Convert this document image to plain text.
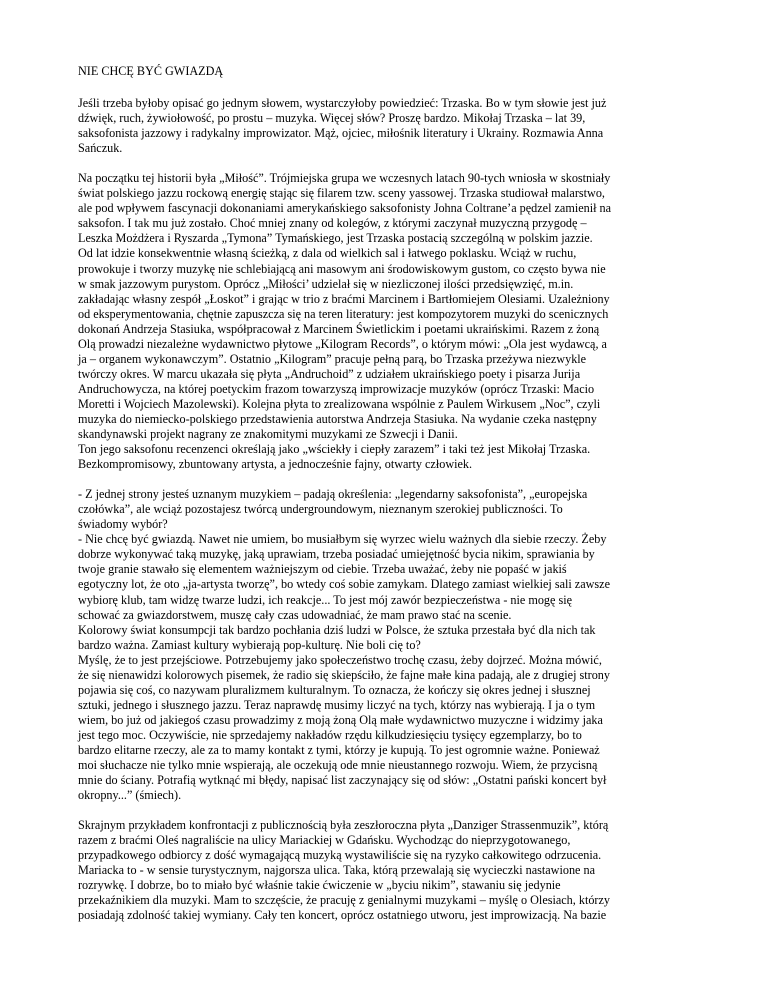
NIE CHCĘ BYĆ GWIAZDĄ

Jeśli trzeba byłoby opisać go jednym słowem, wystarczyłoby powiedzieć: Trzaska. Bo w tym słowie jest już
dźwięk, ruch, żywiołowość, po prostu – muzyka. Więcej słów? Proszę bardzo. Mikołaj Trzaska – lat 39,
saksofonista jazzowy i radykalny improwizator. Mąż, ojciec, miłośnik literatury i Ukrainy. Rozmawia Anna
Sańczuk.

Na początku tej historii była „Miłość”. Trójmiejska grupa we wczesnych latach 90-tych wniosła w skostniały
świat polskiego jazzu rockową energię stając się filarem tzw. sceny yassowej. Trzaska studiował malarstwo,
ale pod wpływem fascynacji dokonaniami amerykańskiego saksofonisty Johna Coltrane’a pędzel zamienił na
saksofon. I tak mu już zostało. Choć mniej znany od kolegów, z którymi zaczynał muzyczną przygodę –
Leszka Możdżera i Ryszarda „Tymona” Tymańskiego, jest Trzaska postacią szczególną w polskim jazzie.
Od lat idzie konsekwentnie własną ścieżką, z dala od wielkich sal i łatwego poklasku. Wciąż w ruchu,
prowokuje i tworzy muzykę nie schlebiającą ani masowym ani środowiskowym gustom, co często bywa nie
w smak jazzowym purystom. Oprócz „Miłości’ udzielał się w niezliczonej ilości przedsięwzięć, m.in.
zakładając własny zespół „Łoskot” i grając w trio z braćmi Marcinem i Bartłomiejem Olesiami. Uzależniony
od eksperymentowania, chętnie zapuszcza się na teren literatury: jest kompozytorem muzyki do scenicznych
dokonań Andrzeja Stasiuka, współpracował z Marcinem Świetlickim i poetami ukraińskimi. Razem z żoną
Olą prowadzi niezależne wydawnictwo płytowe „Kilogram Records”, o którym mówi: „Ola jest wydawcą, a
ja – organem wykonawczym”. Ostatnio „Kilogram” pracuje pełną parą, bo Trzaska przeżywa niezwykle
twórczy okres. W marcu ukazała się płyta „Andruchoid” z udziałem ukraińskiego poety i pisarza Jurija
Andruchowycza, na której poetyckim frazom towarzyszą improwizacje muzyków (oprócz Trzaski: Macio
Moretti i Wojciech Mazolewski). Kolejna płyta to zrealizowana wspólnie z Paulem Wirkusem „Noc”, czyli
muzyka do niemiecko-polskiego przedstawienia autorstwa Andrzeja Stasiuka. Na wydanie czeka następny
skandynawski projekt nagrany ze znakomitymi muzykami ze Szwecji i Danii.
Ton jego saksofonu recenzenci określają jako „wściekły i ciepły zarazem” i taki też jest Mikołaj Trzaska.
Bezkompromisowy, zbuntowany artysta, a jednocześnie fajny, otwarty człowiek.

- Z jednej strony jesteś uznanym muzykiem – padają określenia: „legendarny saksofonista”, „europejska
czołówka”, ale wciąż pozostajesz twórcą undergroundowym, nieznanym szerokiej publiczności. To
świadomy wybór?
- Nie chcę być gwiazdą. Nawet nie umiem, bo musiałbym się wyrzec wielu ważnych dla siebie rzeczy. Żeby
dobrze wykonywać taką muzykę, jaką uprawiam, trzeba posiadać umiejętność bycia nikim, sprawiania by
twoje granie stawało się elementem ważniejszym od ciebie. Trzeba uważać, żeby nie popaść w jakiś
egotyczny lot, że oto „ja-artysta tworzę”, bo wtedy coś sobie zamykam. Dlatego zamiast wielkiej sali zawsze
wybiorę klub, tam widzę twarze ludzi, ich reakcje... To jest mój zawór bezpieczeństwa - nie mogę się
schować za gwiazdorstwem, muszę cały czas udowadniać, że mam prawo stać na scenie.
Kolorowy świat konsumpcji tak bardzo pochłania dziś ludzi w Polsce, że sztuka przestała być dla nich tak
bardzo ważna. Zamiast kultury wybierają pop-kulturę. Nie boli cię to?
Myślę, że to jest przejściowe. Potrzebujemy jako społeczeństwo trochę czasu, żeby dojrzeć. Można mówić,
że się nienawidzi kolorowych pisemek, że radio się skiepściło, że fajne małe kina padają, ale z drugiej strony
pojawia się coś, co nazywam pluralizmem kulturalnym. To oznacza, że kończy się okres jednej i słusznej
sztuki, jednego i słusznego jazzu. Teraz naprawdę musimy liczyć na tych, którzy nas wybierają. I ja o tym
wiem, bo już od jakiegoś czasu prowadzimy z moją żoną Olą małe wydawnictwo muzyczne i widzimy jaka
jest tego moc. Oczywiście, nie sprzedajemy nakładów rzędu kilkudziesięciu tysięcy egzemplarzy, bo to
bardzo elitarne rzeczy, ale za to mamy kontakt z tymi, którzy je kupują. To jest ogromnie ważne. Ponieważ
moi słuchacze nie tylko mnie wspierają, ale oczekują ode mnie nieustannego rozwoju. Wiem, że przycisną
mnie do ściany. Potrafią wytknąć mi błędy, napisać list zaczynający się od słów: „Ostatni pański koncert był
okropny...” (śmiech).

Skrajnym przykładem konfrontacji z publicznością była zeszłoroczna płyta „Danziger Strassenmuzik”, którą
razem z braćmi Oleś nagraliście na ulicy Mariackiej w Gdańsku. Wychodząc do nieprzygotowanego,
przypadkowego odbiorcy z dość wymagającą muzyką wystawiliście się na ryzyko całkowitego odrzucenia.
Mariacka to - w sensie turystycznym, najgorsza ulica. Taka, którą przewalają się wycieczki nastawione na
rozrywkę. I dobrze, bo to miało być właśnie takie ćwiczenie w „byciu nikim”, stawaniu się jedynie
przekaźnikiem dla muzyki. Mam to szczęście, że pracuję z genialnymi muzykami – myślę o Olesiach, którzy
posiadają zdolność takiej wymiany. Cały ten koncert, oprócz ostatniego utworu, jest improwizacją. Na bazie
